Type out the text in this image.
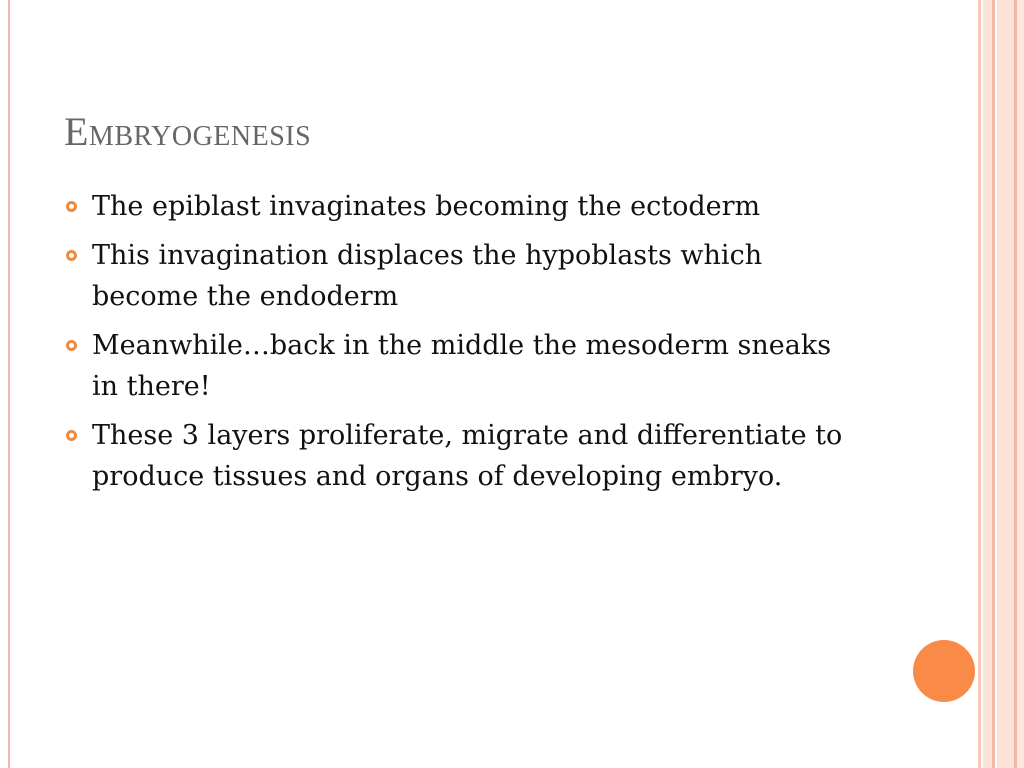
Embryogenesis
The epiblast invaginates becoming the ectoderm
This invagination displaces the hypoblasts which become the endoderm
Meanwhile…back in the middle the mesoderm sneaks in there!
These 3 layers proliferate, migrate and differentiate to produce tissues and organs of developing embryo.
